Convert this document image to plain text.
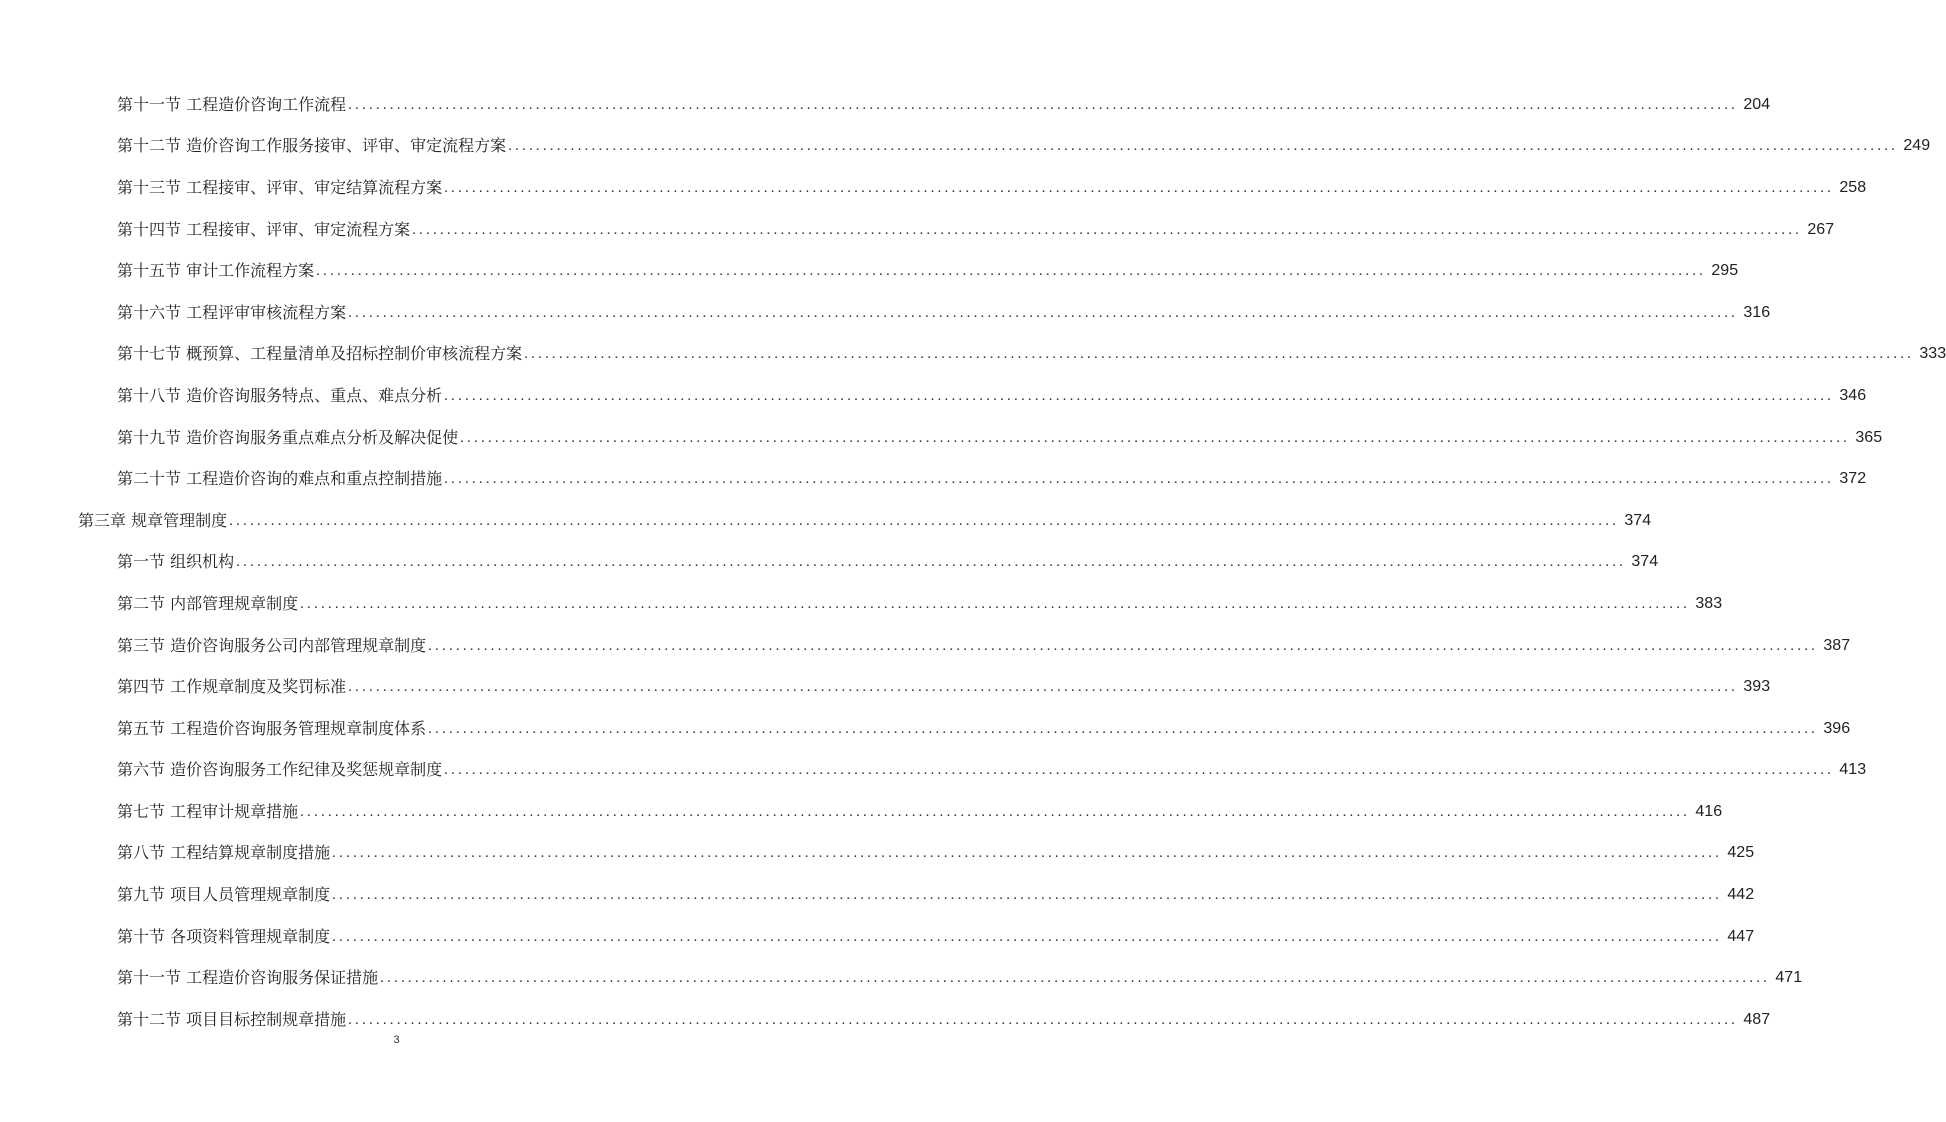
第十一节 工程造价咨询工作流程 ........................................................................................................................................................................................................ 204
第十二节 造价咨询工作服务接审、评审、审定流程方案 ........................................................................................................................................................................................................ 249
第十三节 工程接审、评审、审定结算流程方案 ........................................................................................................................................................................................................ 258
第十四节 工程接审、评审、审定流程方案 ........................................................................................................................................................................................................ 267
第十五节 审计工作流程方案 ........................................................................................................................................................................................................ 295
第十六节 工程评审审核流程方案 ........................................................................................................................................................................................................ 316
第十七节 概预算、工程量清单及招标控制价审核流程方案 ........................................................................................................................................................................................................ 333
第十八节 造价咨询服务特点、重点、难点分析 ........................................................................................................................................................................................................ 346
第十九节 造价咨询服务重点难点分析及解决促使 ........................................................................................................................................................................................................ 365
第二十节 工程造价咨询的难点和重点控制措施 ........................................................................................................................................................................................................ 372
第三章 规章管理制度 ........................................................................................................................................................................................................ 374
第一节 组织机构 ........................................................................................................................................................................................................ 374
第二节 内部管理规章制度 ........................................................................................................................................................................................................ 383
第三节 造价咨询服务公司内部管理规章制度 ........................................................................................................................................................................................................ 387
第四节 工作规章制度及奖罚标准 ........................................................................................................................................................................................................ 393
第五节 工程造价咨询服务管理规章制度体系 ........................................................................................................................................................................................................ 396
第六节 造价咨询服务工作纪律及奖惩规章制度 ........................................................................................................................................................................................................ 413
第七节 工程审计规章措施 ........................................................................................................................................................................................................ 416
第八节 工程结算规章制度措施 ........................................................................................................................................................................................................ 425
第九节 项目人员管理规章制度 ........................................................................................................................................................................................................ 442
第十节 各项资料管理规章制度 ........................................................................................................................................................................................................ 447
第十一节 工程造价咨询服务保证措施 ........................................................................................................................................................................................................ 471
第十二节 项目目标控制规章措施 ........................................................................................................................................................................................................ 487
3
